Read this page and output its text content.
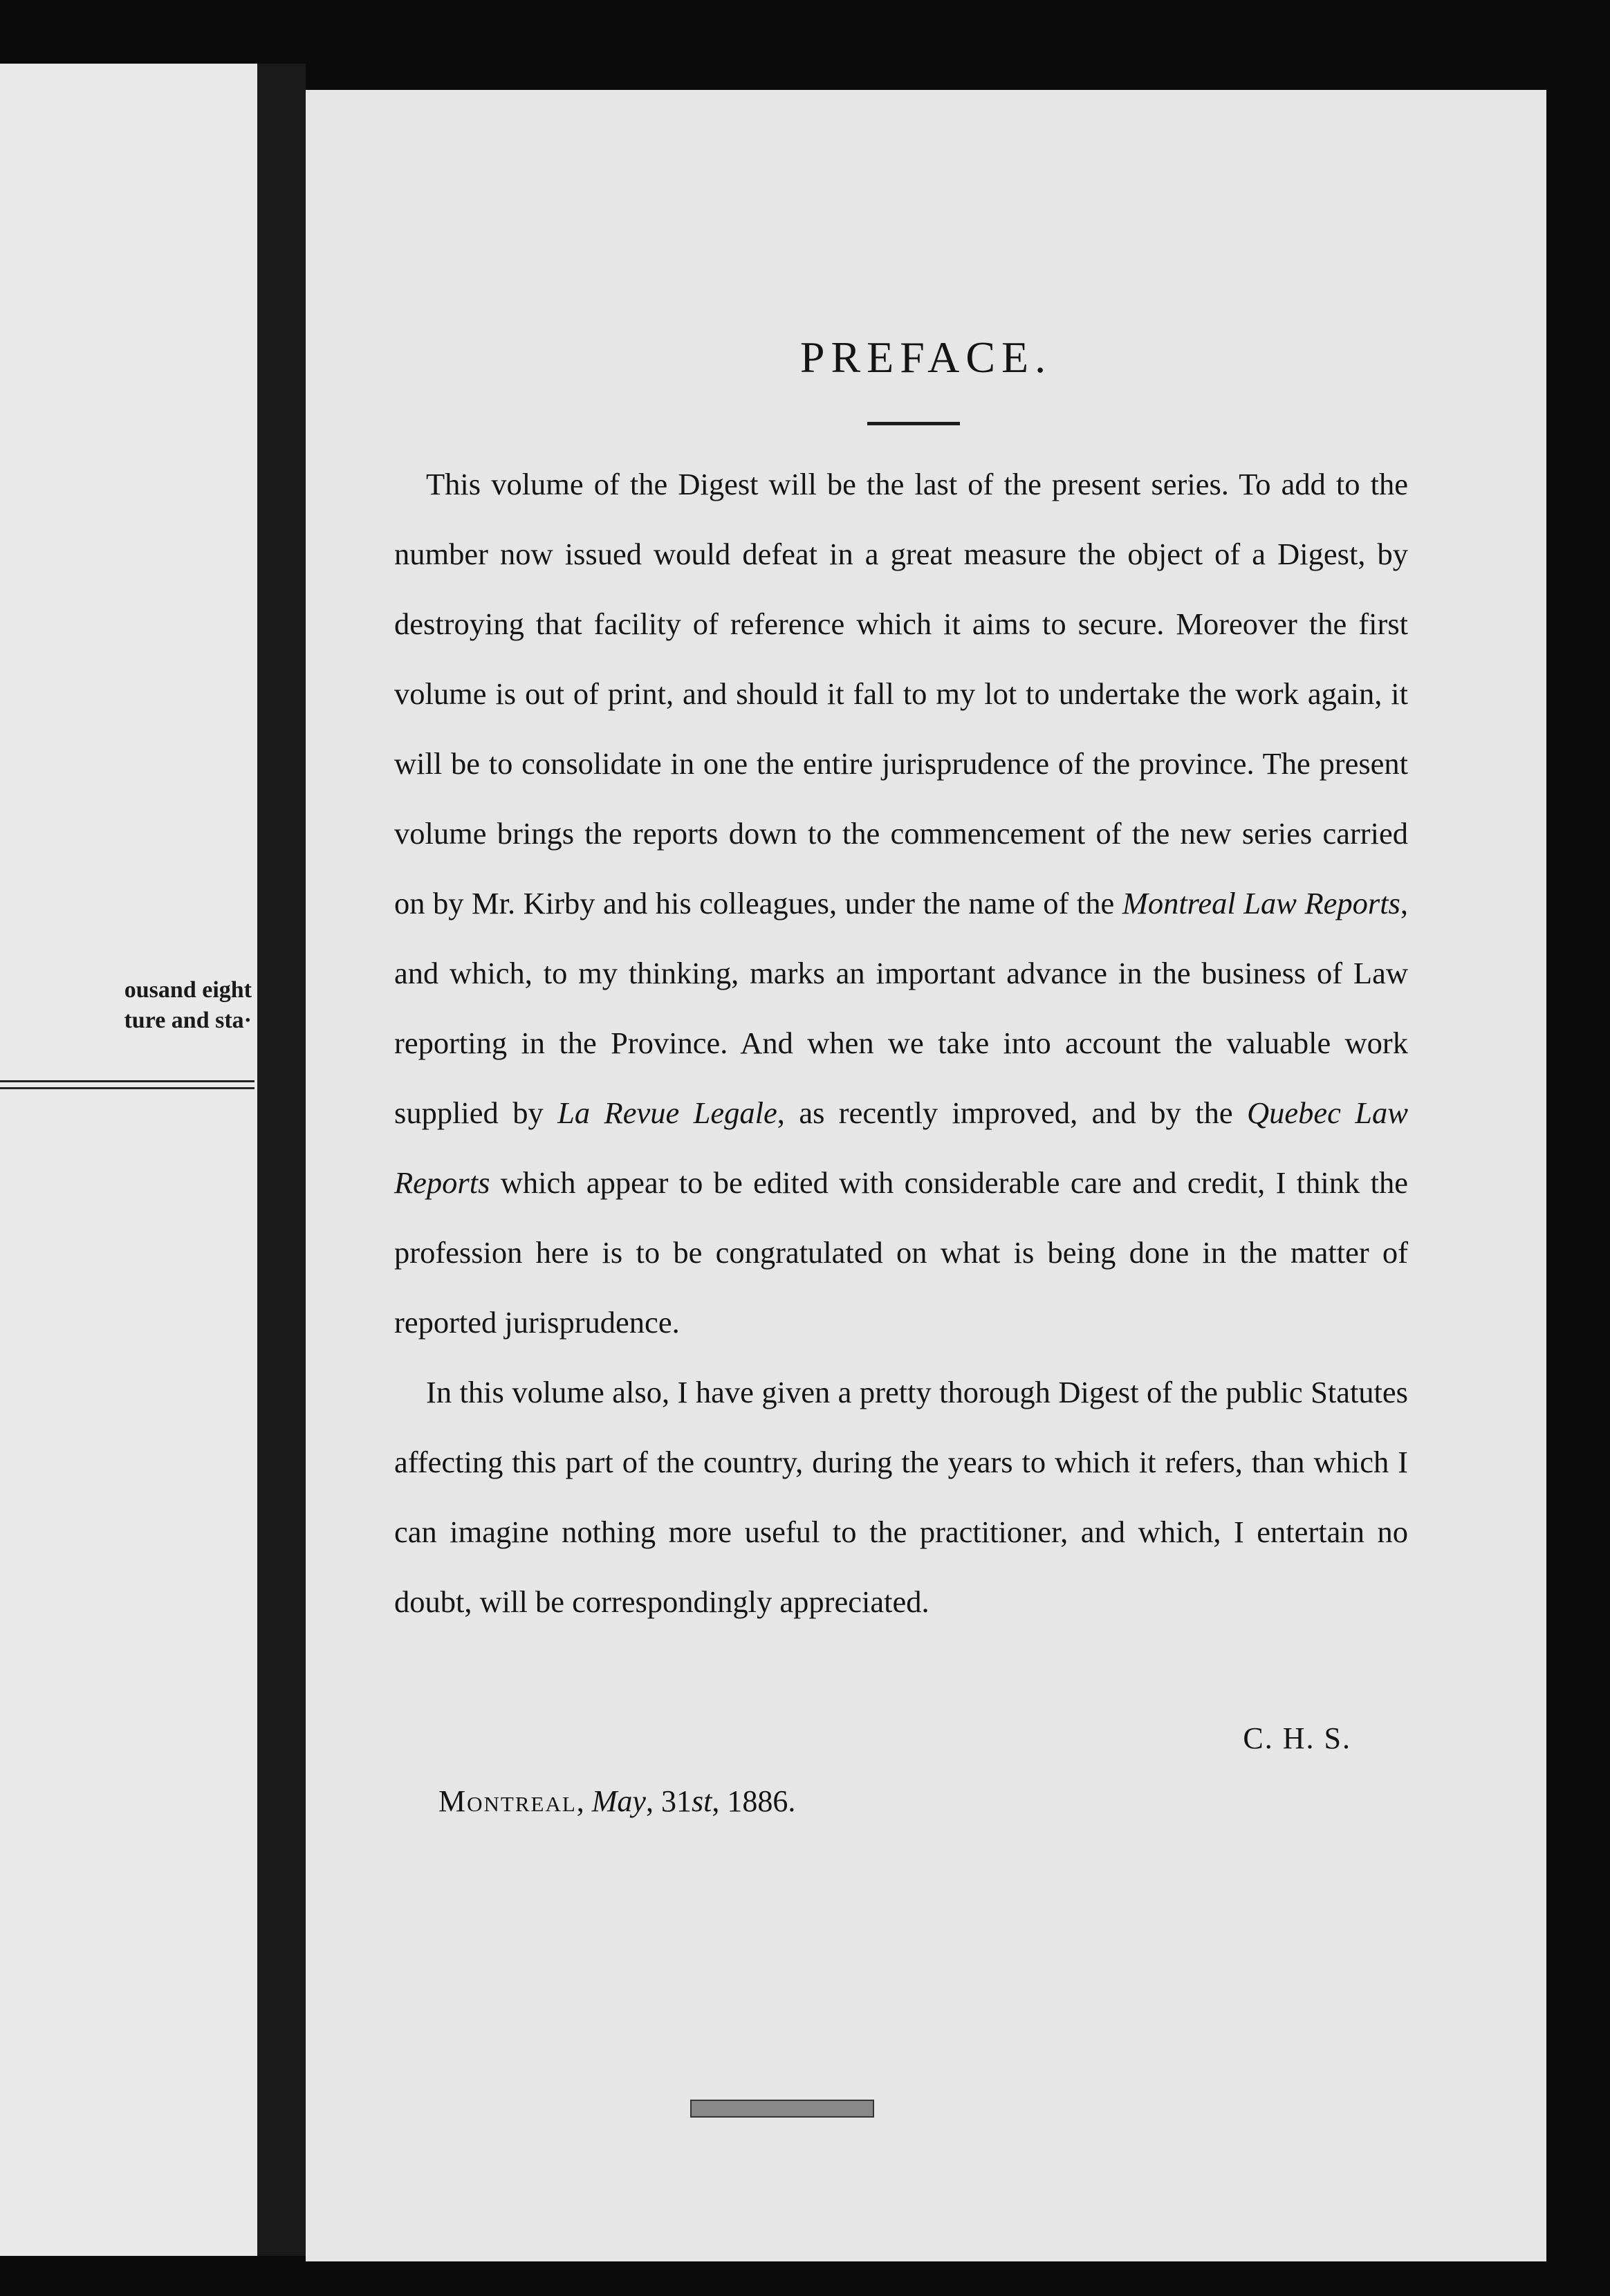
ousand eight
ture and sta·
PREFACE.

This volume of the Digest will be the last of the present series. To add to the number now issued would defeat in a great measure the object of a Digest, by destroying that facility of reference which it aims to secure. Moreover the first volume is out of print, and should it fall to my lot to undertake the work again, it will be to consolidate in one the entire jurisprudence of the province. The present volume brings the reports down to the commencement of the new series carried on by Mr. Kirby and his colleagues, under the name of the Montreal Law Reports, and which, to my thinking, marks an important advance in the business of Law reporting in the Province. And when we take into account the valuable work supplied by La Revue Legale, as recently improved, and by the Quebec Law Reports which appear to be edited with considerable care and credit, I think the profession here is to be congratulated on what is being done in the matter of reported jurisprudence.

In this volume also, I have given a pretty thorough Digest of the public Statutes affecting this part of the country, during the years to which it refers, than which I can imagine nothing more useful to the practitioner, and which, I entertain no doubt, will be correspondingly appreciated.

C. H. S.
Montreal, May, 31st, 1886.
